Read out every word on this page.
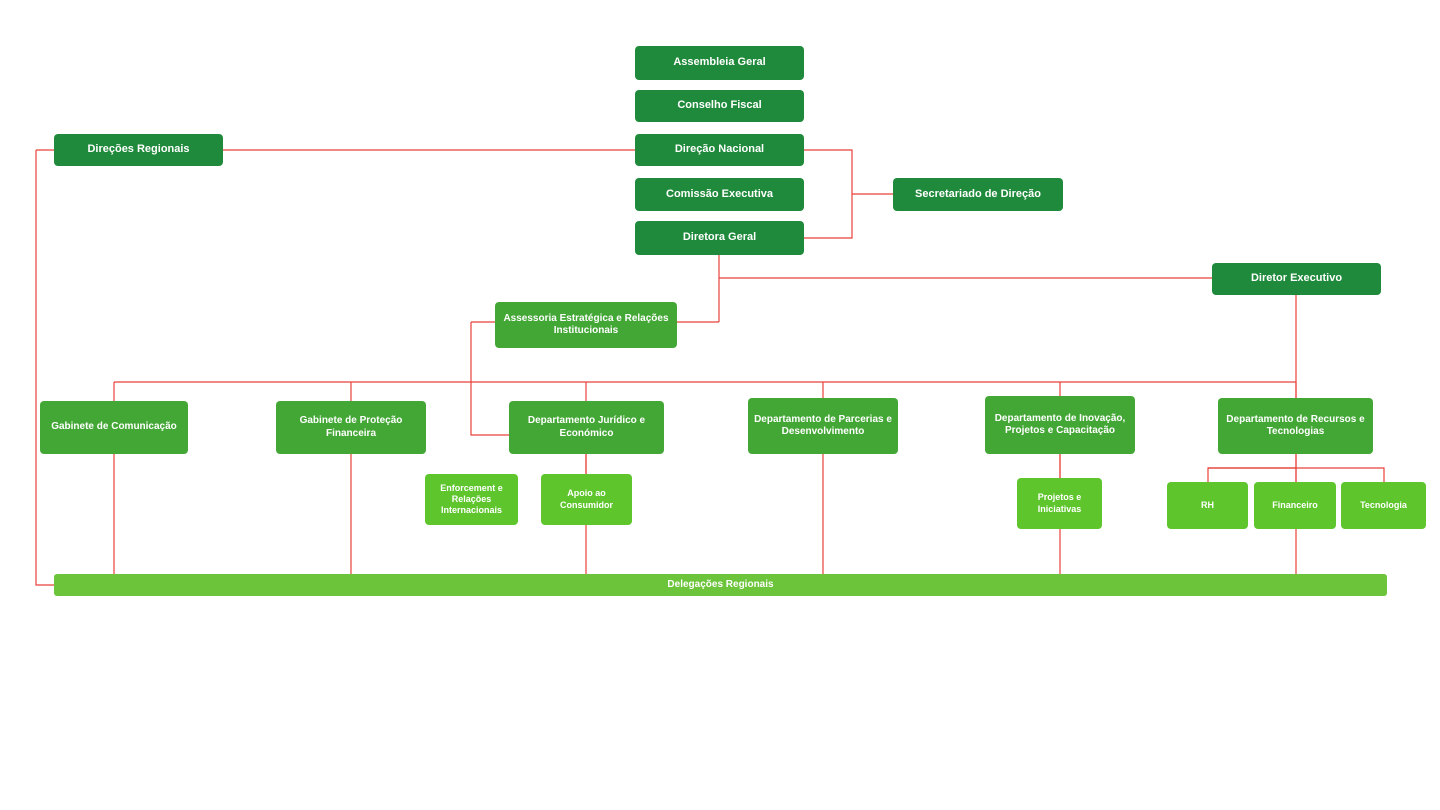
Assembleia Geral
Conselho Fiscal
Direção Nacional
Comissão Executiva
Diretora Geral
Direções Regionais
Secretariado de Direção
Diretor Executivo
Assessoria Estratégica e Relações Institucionais
Gabinete de Comunicação
Gabinete de Proteção Financeira
Departamento Jurídico e Económico
Departamento de Parcerias e Desenvolvimento
Departamento de Inovação, Projetos e Capacitação
Departamento de Recursos e Tecnologias
Enforcement e Relações Internacionais
Apoio ao Consumidor
Projetos e Iniciativas	RH	Financeiro	Tecnologia
Delegações Regionais
